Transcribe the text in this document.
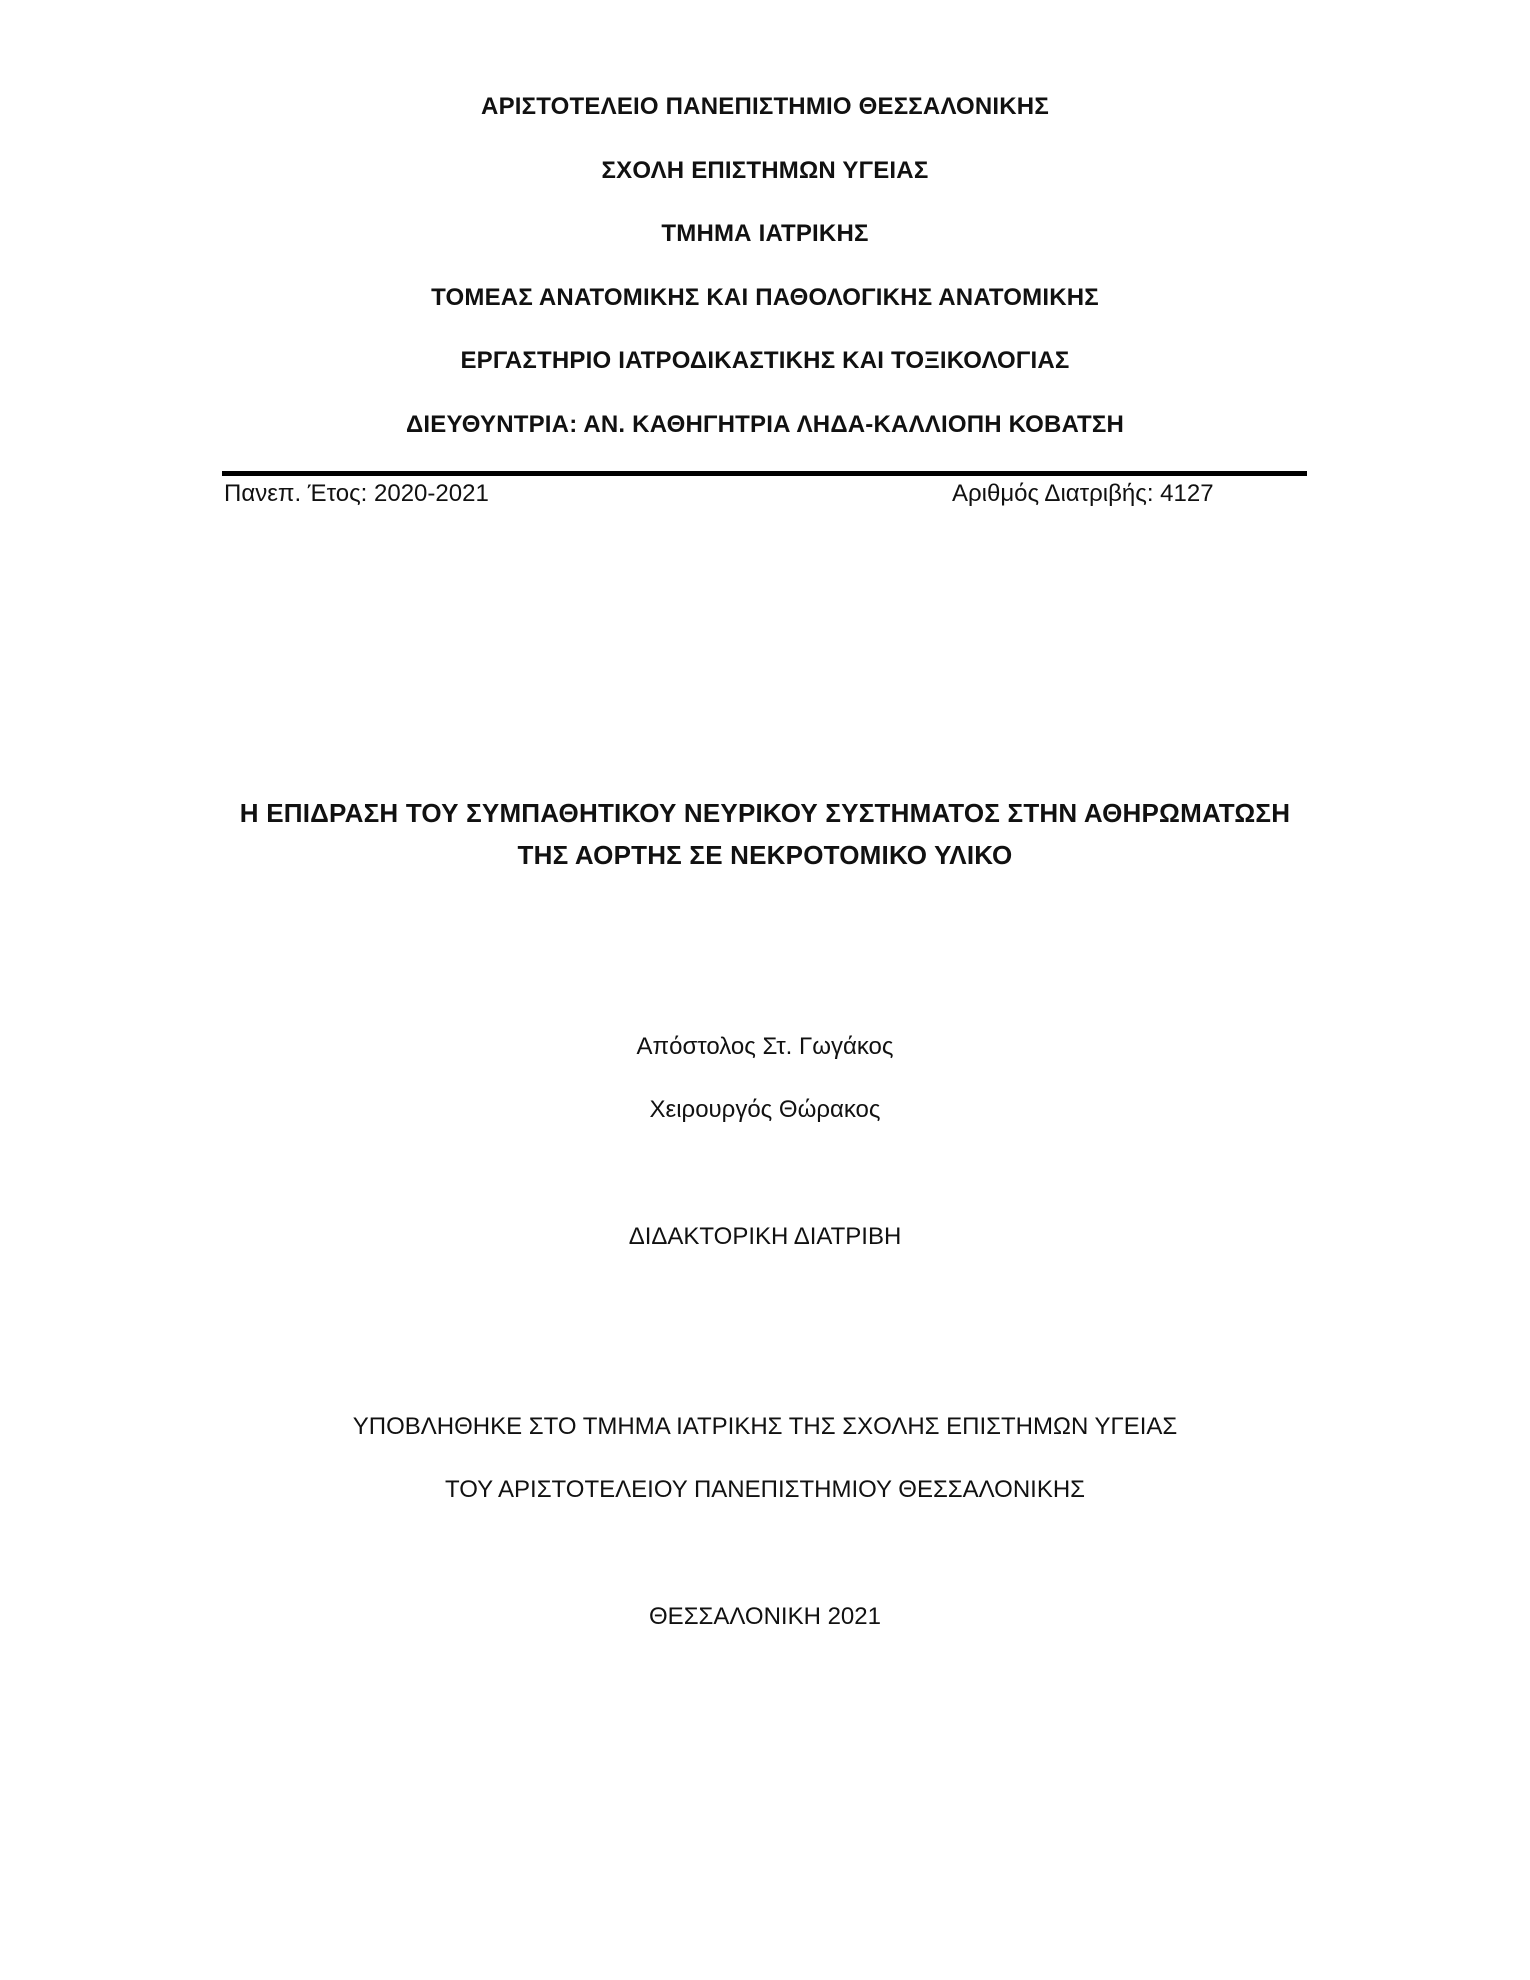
ΑΡΙΣΤΟΤΕΛΕΙΟ ΠΑΝΕΠΙΣΤΗΜΙΟ ΘΕΣΣΑΛΟΝΙΚΗΣ
ΣΧΟΛΗ ΕΠΙΣΤΗΜΩΝ ΥΓΕΙΑΣ
ΤΜΗΜΑ ΙΑΤΡΙΚΗΣ
ΤΟΜΕΑΣ ΑΝΑΤΟΜΙΚΗΣ ΚΑΙ ΠΑΘΟΛΟΓΙΚΗΣ ΑΝΑΤΟΜΙΚΗΣ
ΕΡΓΑΣΤΗΡΙΟ ΙΑΤΡΟΔΙΚΑΣΤΙΚΗΣ ΚΑΙ ΤΟΞΙΚΟΛΟΓΙΑΣ
ΔΙΕΥΘΥΝΤΡΙΑ: ΑΝ. ΚΑΘΗΓΗΤΡΙΑ ΛΗΔΑ-ΚΑΛΛΙΟΠΗ ΚΟΒΑΤΣΗ
Πανεπ. Έτος: 2020-2021	Αριθμός Διατριβής: 4127
Η ΕΠΙΔΡΑΣΗ ΤΟΥ ΣΥΜΠΑΘΗΤΙΚΟΥ ΝΕΥΡΙΚΟΥ ΣΥΣΤΗΜΑΤΟΣ ΣΤΗΝ ΑΘΗΡΩΜΑΤΩΣΗ
ΤΗΣ ΑΟΡΤΗΣ ΣΕ ΝΕΚΡΟΤΟΜΙΚΟ ΥΛΙΚΟ
Απόστολος Στ. Γωγάκος
Χειρουργός Θώρακος
ΔΙΔΑΚΤΟΡΙΚΗ ΔΙΑΤΡΙΒΗ
ΥΠΟΒΛΗΘΗΚΕ ΣΤΟ ΤΜΗΜΑ ΙΑΤΡΙΚΗΣ ΤΗΣ ΣΧΟΛΗΣ ΕΠΙΣΤΗΜΩΝ ΥΓΕΙΑΣ
ΤΟΥ ΑΡΙΣΤΟΤΕΛΕΙΟΥ ΠΑΝΕΠΙΣΤΗΜΙΟΥ ΘΕΣΣΑΛΟΝΙΚΗΣ
ΘΕΣΣΑΛΟΝΙΚΗ 2021
